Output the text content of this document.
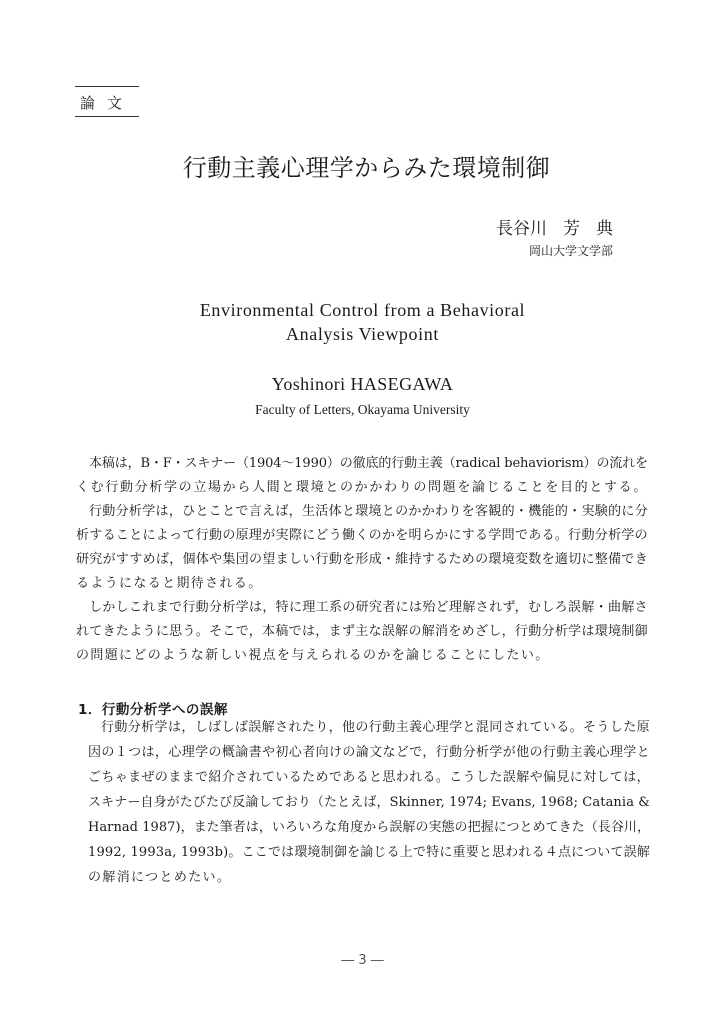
論文
行動主義心理学からみた環境制御
長谷川 芳 典
岡山大学文学部
Environmental Control from a Behavioral
Analysis Viewpoint
Yoshinori HASEGAWA
Faculty of Letters, Okayama University
本稿は，B・F・スキナー（1904〜1990）の徹底的行動主義（radical behaviorism）の流れを
くむ行動分析学の立場から人間と環境とのかかわりの問題を論じることを目的とする。
行動分析学は，ひとことで言えば，生活体と環境とのかかわりを客観的・機能的・実験的に分
析することによって行動の原理が実際にどう働くのかを明らかにする学問である。行動分析学の
研究がすすめば，個体や集団の望ましい行動を形成・維持するための環境変数を適切に整備でき
るようになると期待される。
しかしこれまで行動分析学は，特に理工系の研究者には殆ど理解されず，むしろ誤解・曲解さ
れてきたように思う。そこで，本稿では，まず主な誤解の解消をめざし，行動分析学は環境制御
の問題にどのような新しい視点を与えられるのかを論じることにしたい。
1．行動分析学への誤解
行動分析学は，しばしば誤解されたり，他の行動主義心理学と混同されている。そうした原
因の１つは，心理学の概論書や初心者向けの論文などで，行動分析学が他の行動主義心理学と
ごちゃまぜのままで紹介されているためであると思われる。こうした誤解や偏見に対しては，
スキナー自身がたびたび反論しており（たとえば，Skinner, 1974; Evans, 1968; Catania &
Harnad 1987)，また筆者は，いろいろな角度から誤解の実態の把握につとめてきた（長谷川，
1992, 1993a, 1993b)。ここでは環境制御を論じる上で特に重要と思われる４点について誤解
の解消につとめたい。
― 3 ―
